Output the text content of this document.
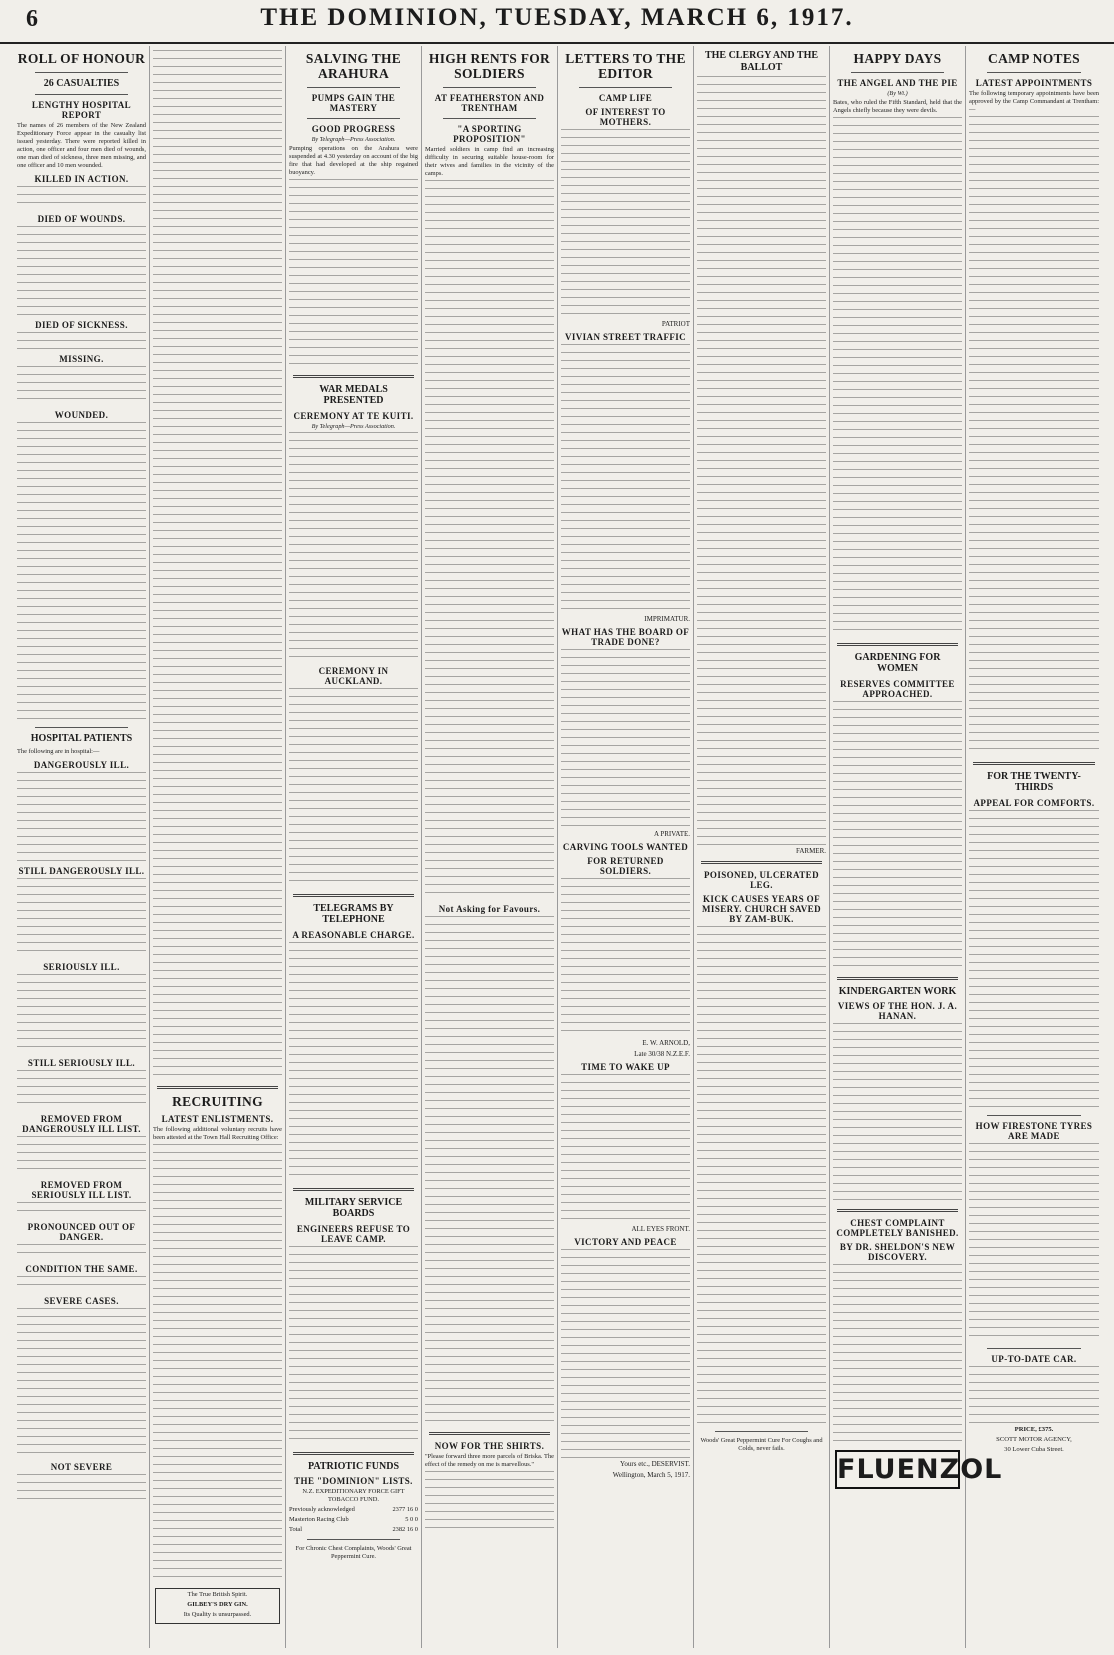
6	THE DOMINION, TUESDAY, MARCH 6, 1917.
ROLL OF HONOUR
26 CASUALTIES
LENGTHY HOSPITAL REPORT

The names of 26 members of the New Zealand Expeditionary Force appear in the casualty list issued yesterday. There were reported killed in action, one officer and four men died of wounds, one man died of sickness, three men missing, and one officer and 10 men wounded.

KILLED IN ACTION.
DIED OF WOUNDS.
DIED OF SICKNESS.
MISSING.
WOUNDED.
HOSPITAL PATIENTS

The following are in hospital:—

DANGEROUSLY ILL.
STILL DANGEROUSLY ILL.
SERIOUSLY ILL.
STILL SERIOUSLY ILL.
REMOVED FROM DANGEROUSLY ILL LIST.
REMOVED FROM SERIOUSLY ILL LIST.
PRONOUNCED OUT OF DANGER.
CONDITION THE SAME.
SEVERE CASES.
NOT SEVERE
RECRUITING
LATEST ENLISTMENTS.

The following additional voluntary recruits have been attested at the Town Hall Recruiting Office:

The True British Spirit.

GILBEY'S DRY GIN.

Its Quality is unsurpassed.

SALVING THE ARAHURA
PUMPS GAIN THE MASTERY
GOOD PROGRESS
By Telegraph—Press Association.

Pumping operations on the Arahura were suspended at 4.30 yesterday on account of the big fire that had developed at the ship regained buoyancy.

WAR MEDALS PRESENTED
CEREMONY AT TE KUITI.
By Telegraph—Press Association.
CEREMONY IN AUCKLAND.
TELEGRAMS BY TELEPHONE
A REASONABLE CHARGE.
MILITARY SERVICE BOARDS
ENGINEERS REFUSE TO LEAVE CAMP.
PATRIOTIC FUNDS
THE "DOMINION" LISTS.

N.Z. EXPEDITIONARY FORCE GIFT TOBACCO FUND.

Previously acknowledged	2377 16 0

Masterton Racing Club	5 0 0

Total	2382 16 0

For Chronic Chest Complaints, Woods' Great Peppermint Cure.

HIGH RENTS FOR SOLDIERS
AT FEATHERSTON AND TRENTHAM
"A SPORTING PROPOSITION"

Married soldiers in camp find an increasing difficulty in securing suitable house-room for their wives and families in the vicinity of the camps.

Not Asking for Favours.
NOW FOR THE SHIRTS.

"Please forward three more parcels of Briska. The effect of the remedy on me is marvellous."

LETTERS TO THE EDITOR
CAMP LIFE
OF INTEREST TO MOTHERS.
PATRIOT
VIVIAN STREET TRAFFIC
IMPRIMATUR.
WHAT HAS THE BOARD OF TRADE DONE?
A PRIVATE.
CARVING TOOLS WANTED
FOR RETURNED SOLDIERS.
E. W. ARNOLD,
Late 30/38 N.Z.E.F.
TIME TO WAKE UP
ALL EYES FRONT.
VICTORY AND PEACE
Yours etc., DESERVIST.
Wellington, March 5, 1917.
THE CLERGY AND THE BALLOT
FARMER.
POISONED, ULCERATED LEG.
KICK CAUSES YEARS OF MISERY. CHURCH SAVED BY ZAM-BUK.

Woods' Great Peppermint Cure For Coughs and Colds, never fails.

HAPPY DAYS
THE ANGEL AND THE PIE
(By Wi.)

Bates, who ruled the Fifth Standard, held that the Angels chiefly because they were devils.

GARDENING FOR WOMEN
RESERVES COMMITTEE APPROACHED.
KINDERGARTEN WORK
VIEWS OF THE HON. J. A. HANAN.
CHEST COMPLAINT COMPLETELY BANISHED.
BY DR. SHELDON'S NEW DISCOVERY.
FLUENZOL
CAMP NOTES
LATEST APPOINTMENTS

The following temporary appointments have been approved by the Camp Commandant at Trentham:—

FOR THE TWENTY-THIRDS
APPEAL FOR COMFORTS.
HOW FIRESTONE TYRES ARE MADE
UP-TO-DATE CAR.

PRICE, £375.

SCOTT MOTOR AGENCY,

30 Lower Cuba Street.
